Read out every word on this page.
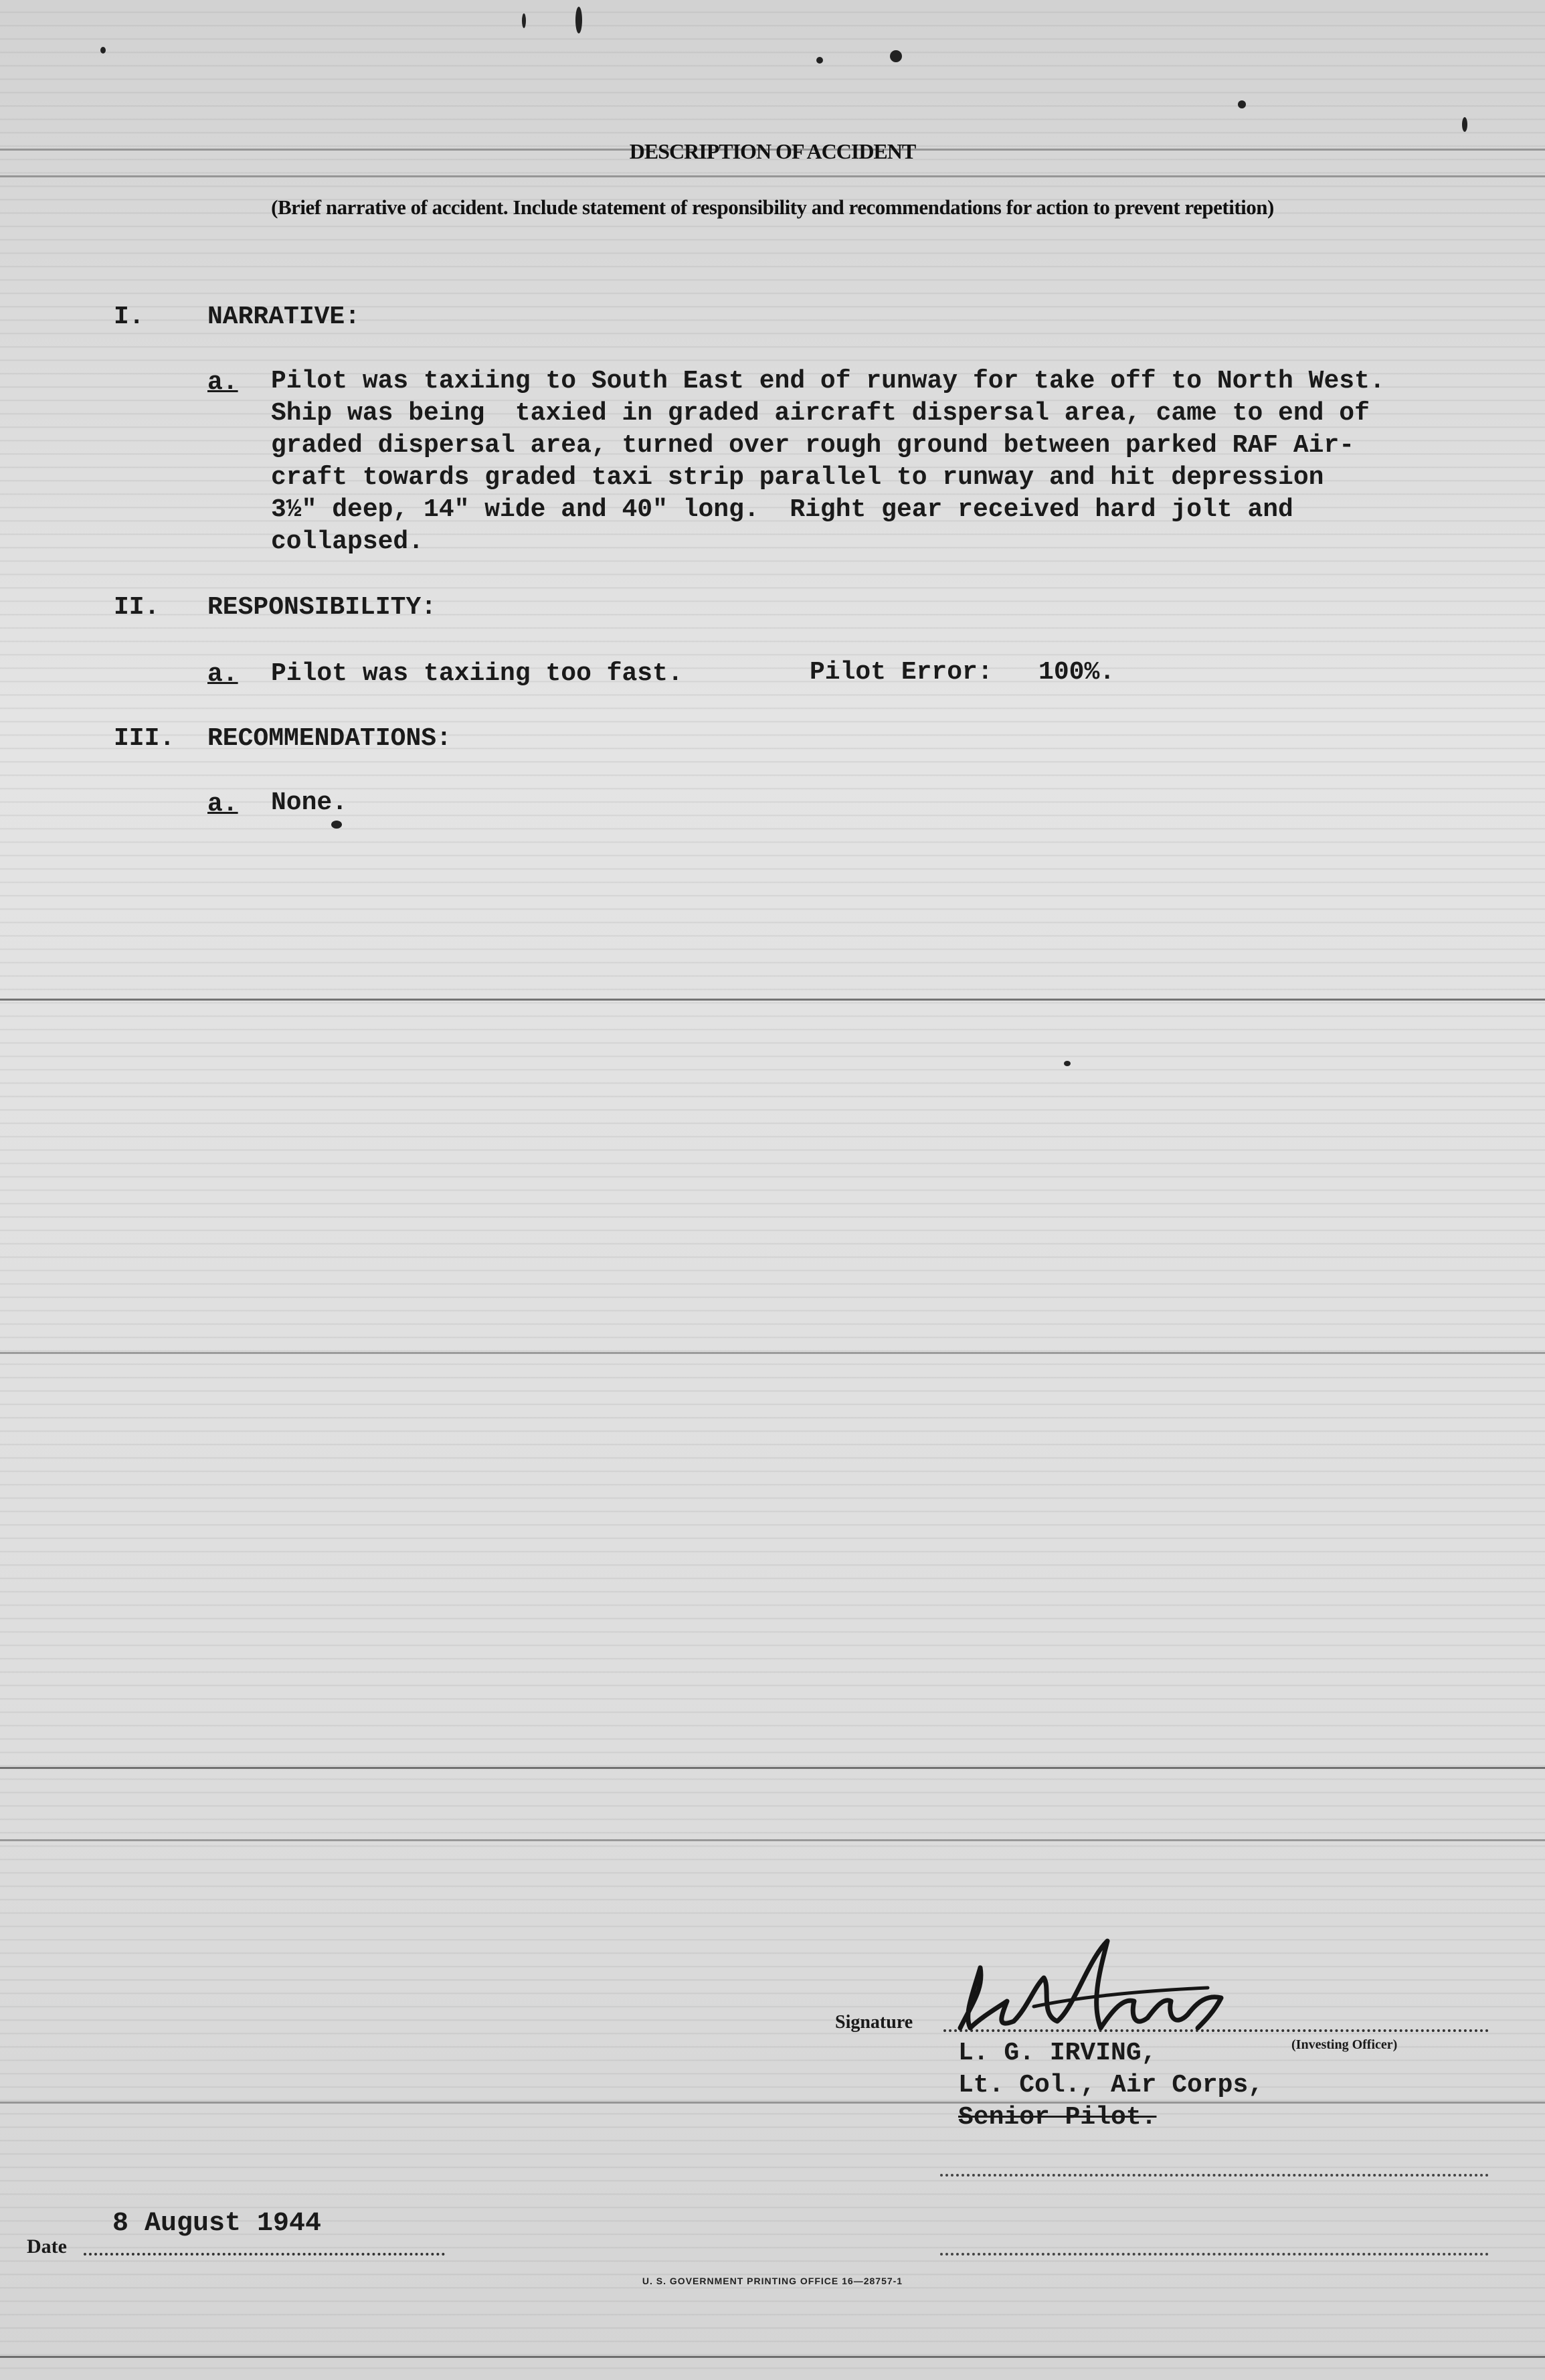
DESCRIPTION OF ACCIDENT
(Brief narrative of accident. Include statement of responsibility and recommendations for action to prevent repetition)
I. NARRATIVE:
a. Pilot was taxiing to South East end of runway for take off to North West.
Ship was being  taxied in graded aircraft dispersal area, came to end of
graded dispersal area, turned over rough ground between parked RAF Air-
craft towards graded taxi strip parallel to runway and hit depression
3½" deep, 14" wide and 40" long.  Right gear received hard jolt and
collapsed.
II. RESPONSIBILITY:
a. Pilot was taxiing too fast.	Pilot Error:   100%.
III. RECOMMENDATIONS:
a. None.
Signature
(Investing Officer)
L. G. IRVING,
Lt. Col., Air Corps,
Senior Pilot.
8 August 1944
Date
U. S. GOVERNMENT PRINTING OFFICE 16—28757-1
